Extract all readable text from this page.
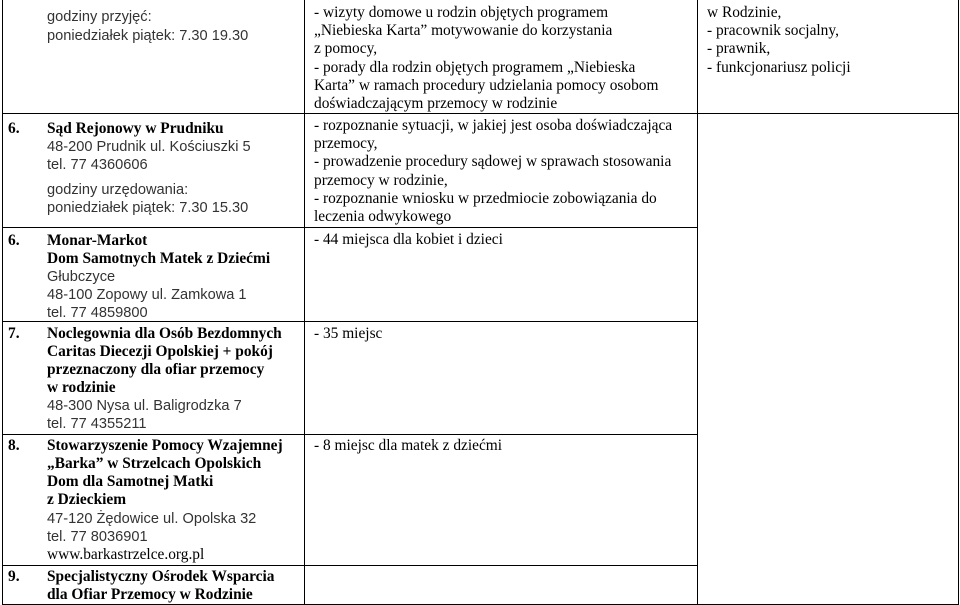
godziny przyjęć:
poniedziałek piątek: 7.30 19.30
6. Sąd Rejonowy w Prudniku
48-200 Prudnik ul. Kościuszki 5
tel. 77 4360606
godziny urzędowania:
poniedziałek piątek: 7.30 15.30
6. Monar-Markot
Dom Samotnych Matek z Dziećmi
Głubczyce
48-100 Zopowy ul. Zamkowa 1
tel. 77 4859800
7. Noclegownia dla Osób Bezdomnych
Caritas Diecezji Opolskiej + pokój
przeznaczony dla ofiar przemocy
w rodzinie
48-300 Nysa ul. Baligrodzka 7
tel. 77 4355211
8. Stowarzyszenie Pomocy Wzajemnej
„Barka” w Strzelcach Opolskich
Dom dla Samotnej Matki
z Dzieckiem
47-120 Żędowice ul. Opolska 32
tel. 77 8036901
www.barkastrzelce.org.pl
9. Specjalistyczny Ośrodek Wsparcia
dla Ofiar Przemocy w Rodzinie
- wizyty domowe u rodzin objętych programem
„Niebieska Karta” motywowanie do korzystania
z pomocy,
- porady dla rodzin objętych programem „Niebieska
Karta” w ramach procedury udzielania pomocy osobom
doświadczającym przemocy w rodzinie
- rozpoznanie sytuacji, w jakiej jest osoba doświadczająca
przemocy,
- prowadzenie procedury sądowej w sprawach stosowania
przemocy w rodzinie,
- rozpoznanie wniosku w przedmiocie zobowiązania do
leczenia odwykowego
- 44 miejsca dla kobiet i dzieci
- 35 miejsc
- 8 miejsc dla matek z dziećmi
w Rodzinie,
- pracownik socjalny,
- prawnik,
- funkcjonariusz policji
